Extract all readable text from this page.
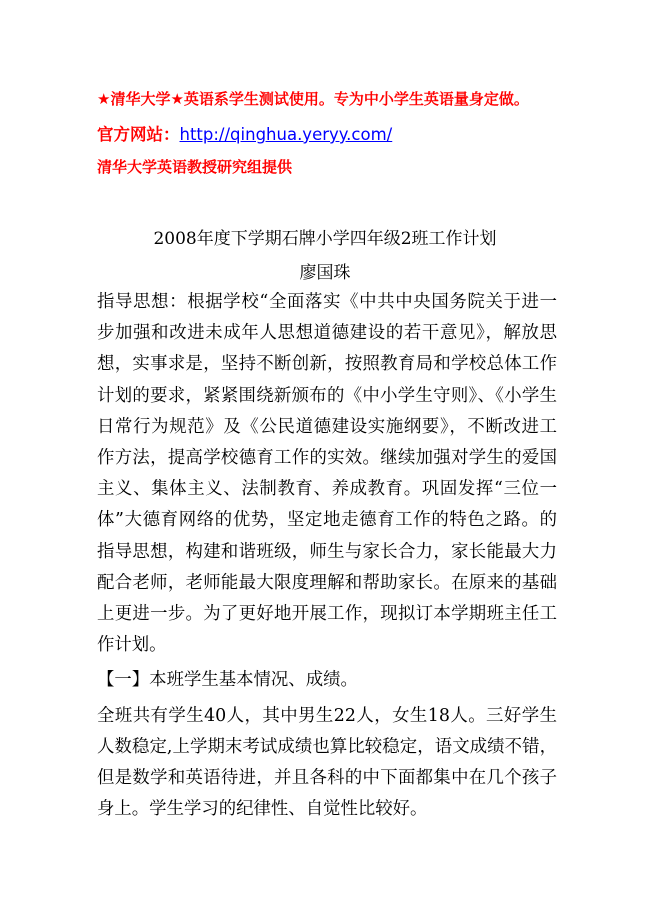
★清华大学★英语系学生测试使用。专为中小学生英语量身定做。
官方网站：http://qinghua.yeryy.com/
清华大学英语教授研究组提供
2008年度下学期石牌小学四年级2班工作计划
廖国珠

指导思想：根据学校“全面落实《中共中央国务院关于进一步加强和改进未成年人思想道德建设的若干意见》，解放思想，实事求是，坚持不断创新，按照教育局和学校总体工作计划的要求，紧紧围绕新颁布的《中小学生守则》、《小学生日常行为规范》及《公民道德建设实施纲要》，不断改进工作方法，提高学校德育工作的实效。继续加强对学生的爱国主义、集体主义、法制教育、养成教育。巩固发挥“三位一体”大德育网络的优势，坚定地走德育工作的特色之路。的指导思想，构建和谐班级，师生与家长合力，家长能最大力配合老师，老师能最大限度理解和帮助家长。在原来的基础上更进一步。为了更好地开展工作，现拟订本学期班主任工作计划。

【一】本班学生基本情况、成绩。

全班共有学生40人，其中男生22人，女生18人。三好学生人数稳定,上学期末考试成绩也算比较稳定，语文成绩不错，但是数学和英语待进，并且各科的中下面都集中在几个孩子身上。学生学习的纪律性、自觉性比较好。
